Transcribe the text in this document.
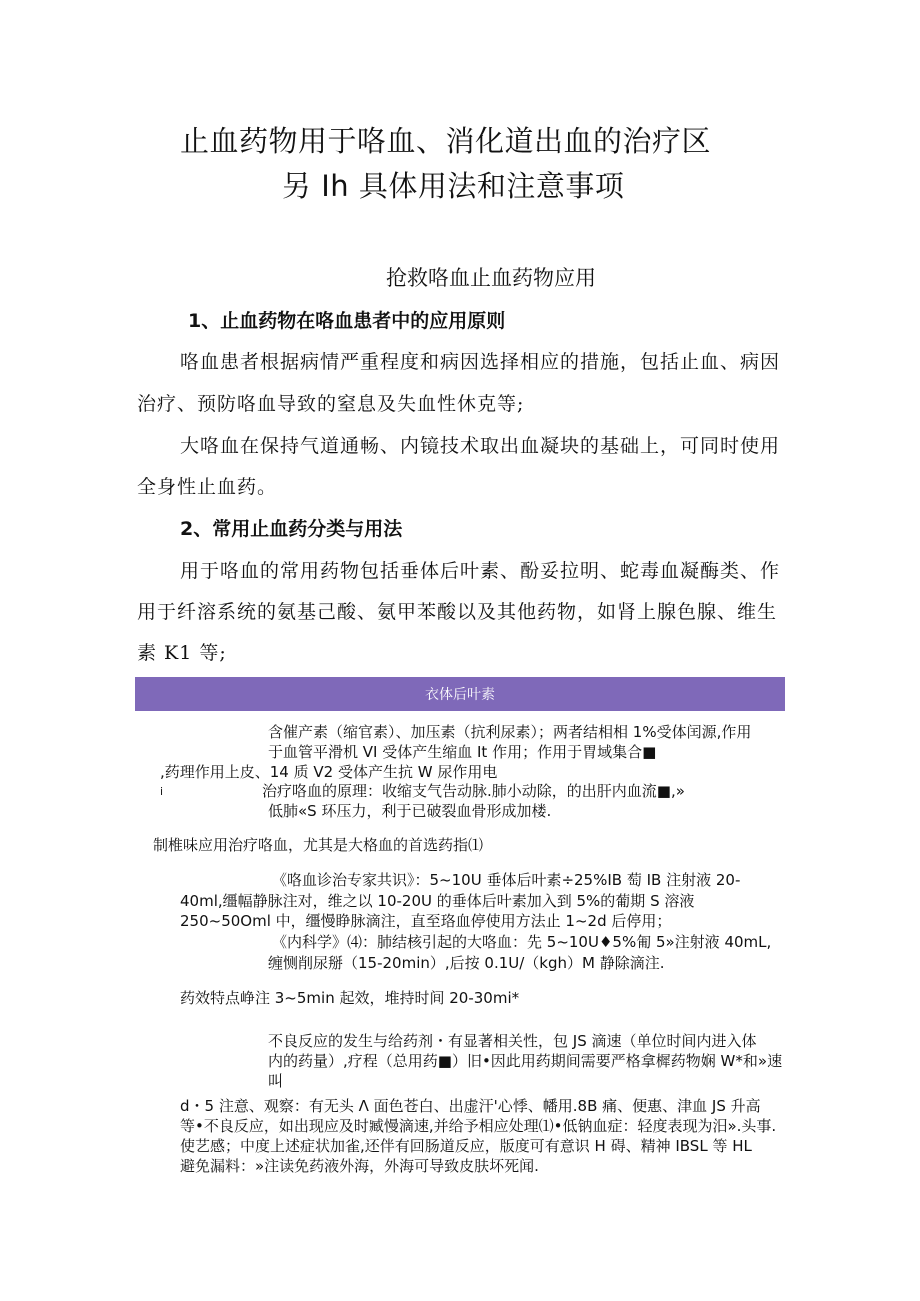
止血药物用于咯血、消化道出血的治疗区
另 Ih 具体用法和注意事项
抢救咯血止血药物应用
1、止血药物在咯血患者中的应用原则
咯血患者根据病情严重程度和病因选择相应的措施，包括止血、病因
治疗、预防咯血导致的窒息及失血性休克等;
大咯血在保持气道通畅、内镜技术取出血凝块的基础上，可同时使用
全身性止血药。
2、常用止血药分类与用法
用于咯血的常用药物包括垂体后叶素、酚妥拉明、蛇毒血凝酶类、作
用于纤溶系统的氨基己酸、氨甲苯酸以及其他药物，如肾上腺色腺、维生
素 K1 等;
衣体后叶素
含催产素（缩官素）、加压素（抗利尿素）；两者结相相 1%受体闰源,作用
于血管平滑机 VI 受体产生缩血 It 作用；作用于胃域集合■
,药理作用上皮、14 质 V2 受体产生抗 W 尿作用电
i	治疗咯血的原理：收缩支气告动脉.肺小动除，的出肝内血流■,»
低肺«S 环压力，利于已破裂血骨形成加楼.
制椎味应用治疗咯血，尤其是大格血的首选药指⑴
《咯血诊治专家共识》：5~10U 垂体后叶素÷25%IB 萄 IB 注射液 20-
40ml,缰幅静脉注对，维之以 10-20U 的垂体后叶素加入到 5%的葡期 S 溶液
250~50Oml 中，缰慢睁脉滴注，直至珞血停使用方法止 1~2d 后停用；
《内科学》⑷：肺结核引起的大咯血：先 5~10U♦5%匍 5»注射液 40mL,
缠恻削尿掰（15-20min）,后按 0.1U/（kgh）M 静除滴注.
药效特点峥注 3~5min 起效，堆持时间 20-30mi*
不良反应的发生与给药剂・有显著相关性，包 JS 滴速（单位时间内进入体
内的药量）,疗程（总用药■）旧•因此用药期间需要严格拿樨药物娴 W*和»速
叫
d・5 注意、观察：有无头 Λ 面色苍白、出虚汗'心悸、幡用.8B 痛、便惠、津血 JS 升高
等•不良反应，如出现应及时臧慢滴速,并给予相应处理⑴•低钠血症：轻度表现为汨».头事.
使艺感；中度上述症状加雀,还伴有回肠道反应，版度可有意识 H 碍、精神 IBSL 等 HL
避免漏料：»注读免药液外海，外海可导致皮肤坏死闻.
